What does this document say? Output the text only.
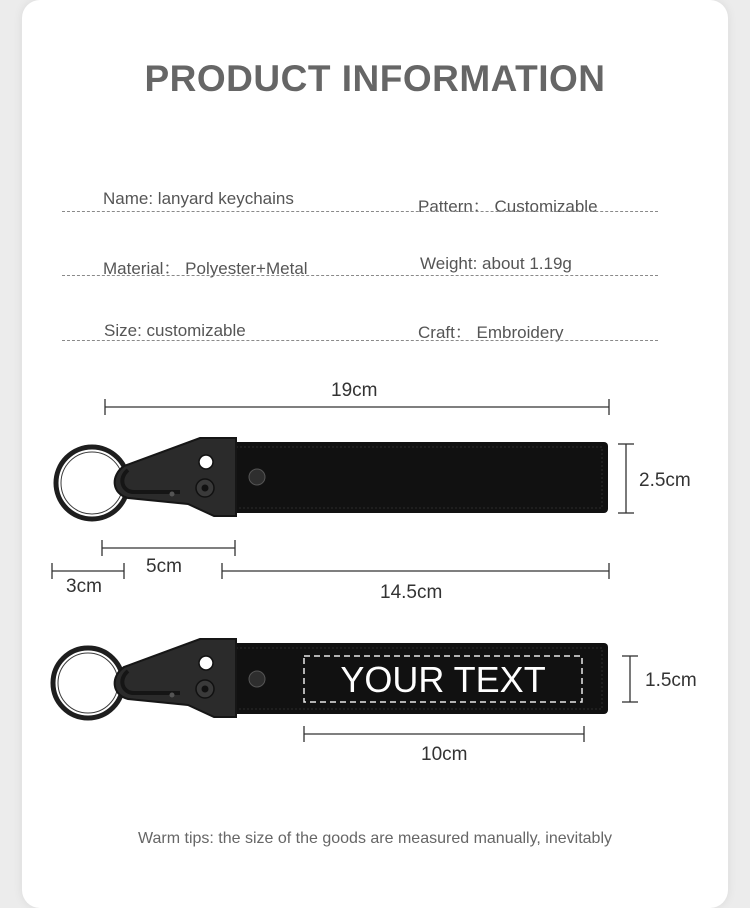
PRODUCT INFORMATION
Name: lanyard keychains	Pattern： Customizable
Material： Polyester+Metal	Weight: about 1.19g
Size: customizable	Craft： Embroidery
YOUR TEXT
19cm
2.5cm
5cm
3cm	14.5cm
1.5cm
10cm
Warm tips: the size of the goods are measured manually, inevitably
